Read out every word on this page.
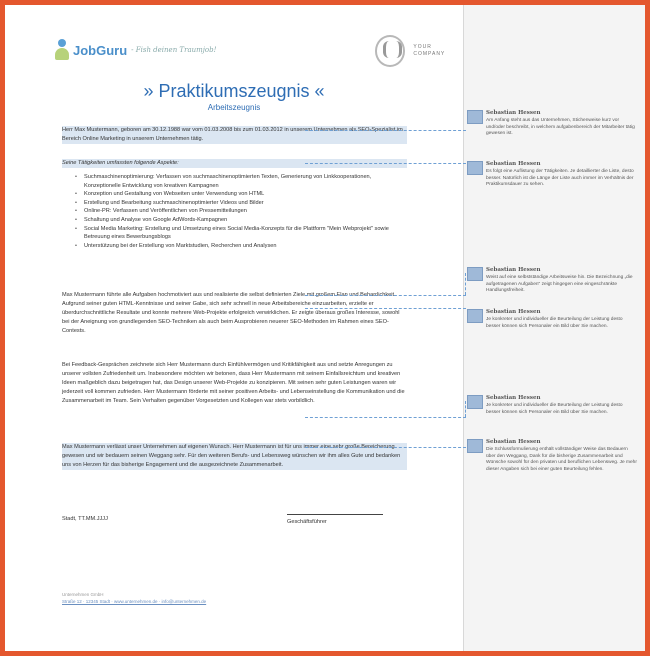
JobGuru - Fish deinen Traumjob!	YOUR COMPANY
» Praktikumszeugnis «
Arbeitszeugnis
Herr Max Mustermann, geboren am 30.12.1988 war vom 01.03.2008 bis zum 01.03.2012 in unserem Unternehmen als SEO-Spezialist im Bereich Online Marketing in unserem Unternehmen tätig.
Seine Tätigkeiten umfassten folgende Aspekte:
• Suchmaschinenoptimierung: Verfassen von suchmaschinenoptimierten Texten, Generierung von Linkkooperationen, Konzeptionelle Entwicklung von kreativen Kampagnen
• Konzeption und Gestaltung von Webseiten unter Verwendung von HTML
• Erstellung und Bearbeitung suchmaschinenoptimierter Videos und Bilder
• Online-PR: Verfassen und Veröffentlichen von Pressemitteilungen
• Schaltung und Analyse von Google AdWords-Kampagnen
• Social Media Marketing: Erstellung und Umsetzung eines Social Media-Konzepts für die Plattform "Mein Webprojekt" sowie Betreuung eines Bewerbungsblogs
• Unterstützung bei der Erstellung von Marktstudien, Recherchen und Analysen
Max Mustermann führte alle Aufgaben hochmotiviert aus und realisierte die selbst definierten Ziele mit großem Elan und Beharrlichkeit. Aufgrund seiner guten HTML-Kenntnisse und seiner Gabe, sich sehr schnell in neue Arbeitsbereiche einzuarbeiten, erzielte er überdurchschnittliche Resultate und konnte mehrere Web-Projekte erfolgreich verwirklichen. Er zeigte überaus großes Interesse, sowohl bei der Aneignung von grundlegenden SEO-Techniken als auch beim Ausprobieren neuerer SEO-Methoden im Rahmen eines SEO-Contests.
Bei Feedback-Gesprächen zeichnete sich Herr Mustermann durch Einfühlvermögen und Kritikfähigkeit aus und setzte Anregungen zu unserer vollsten Zufriedenheit um. Insbesondere möchten wir betonen, dass Herr Mustermann mit seinem Einfallsreichtum und kreativen Ideen maßgeblich dazu beigetragen hat, das Design unserer Web-Projekte zu konzipieren. Mit seinen sehr guten Leistungen waren wir jederzeit voll kommen zufrieden. Herr Mustermann förderte mit seiner positiven Arbeits- und Lebenseinstellung die Kommunikation und die Zusammenarbeit im Team. Sein Verhalten gegenüber Vorgesetzten und Kollegen war stets vorbildlich.
Max Mustermann verlässt unser Unternehmen auf eigenen Wunsch. Herr Mustermann ist für uns immer eine sehr große Bereicherung gewesen und wir bedauern seinen Weggang sehr. Für den weiteren Berufs- und Lebensweg wünschen wir ihm alles Gute und bedanken uns von Herzen für das bisherige Engagement und die ausgezeichnete Zusammenarbeit.
Stadt, TT.MM.JJJJ	Geschäftsführer
Unternehmen GmbH
Straße 12 · 12345 Stadt · www.unternehmen.de · info@unternehmen.de
Sebastian Hessen
Am Anfang steht aus das Unternehmen, Stichenweise kurz vor und/oder beschreibt, in welchem aufgabenbereich der Mitarbeiter tätig gewesen ist.
Sebastian Hessen
Es folgt eine Auflistung der Tätigkeiten. Je detaillierter die Liste, desto besser. Natürlich ist die Länge der Liste auch immer im Verhältnis der Praktikumsdauer zu sehen.
Sebastian Hessen
Weist auf eine selbstständige Arbeitsweise hin. Die Bezeichnung „die aufgetragenen Aufgaben" zeigt hingegen eine eingeschränkte Handlungsfreiheit.
Sebastian Hessen
Je konkreter und individueller die Beurteilung der Leistung desto besser können sich Personaler ein Bild über Sie machen.
Sebastian Hessen
Je konkreter und individueller die Beurteilung der Leistung desto besser können sich Personaler ein Bild über Sie machen.
Sebastian Hessen
Die Schlussformulierung enthält vollständiger Weise das Bedauern über den Weggang, Dank für die bisherige Zusammenarbeit und Wünsche sowohl für den privaten und beruflichen Lebensweg. Je mehr dieser Angaben sich bei einer guten Beurteilung fehlen.
